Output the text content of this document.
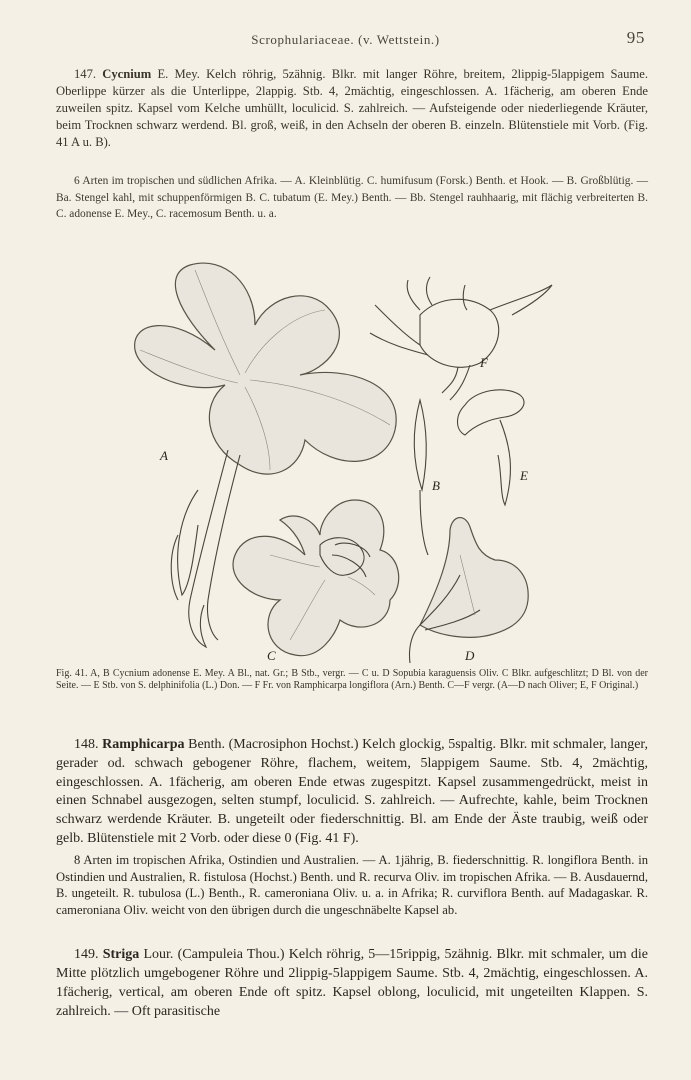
Scrophulariaceae. (v. Wettstein.)	95
147. Cycnium E. Mey. Kelch röhrig, 5zähnig. Blkr. mit langer Röhre, breitem, 2lippig-5lappigem Saume. Oberlippe kürzer als die Unterlippe, 2lappig. Stb. 4, 2mächtig, eingeschlossen. A. 1fächerig, am oberen Ende zuweilen spitz. Kapsel vom Kelche umhüllt, loculicid. S. zahlreich. — Aufsteigende oder niederliegende Kräuter, beim Trocknen schwarz werdend. Bl. groß, weiß, in den Achseln der oberen B. einzeln. Blütenstiele mit Vorb. (Fig. 41 A u. B).
6 Arten im tropischen und südlichen Afrika. — A. Kleinblütig. C. humifusum (Forsk.) Benth. et Hook. — B. Großblütig. — Ba. Stengel kahl, mit schuppenförmigen B. C. tubatum (E. Mey.) Benth. — Bb. Stengel rauhhaarig, mit flächig verbreiterten B. C. adonense E. Mey., C. racemosum Benth. u. a.
A
F
B
E
C	D
Fig. 41. A, B Cycnium adonense E. Mey. A Bl., nat. Gr.; B Stb., vergr. — C u. D Sopubia karaguensis Oliv. C Blkr. aufgeschlitzt; D Bl. von der Seite. — E Stb. von S. delphinifolia (L.) Don. — F Fr. von Ramphicarpa longiflora (Arn.) Benth. C—F vergr. (A—D nach Oliver; E, F Original.)
148. Ramphicarpa Benth. (Macrosiphon Hochst.) Kelch glockig, 5spaltig. Blkr. mit schmaler, langer, gerader od. schwach gebogener Röhre, flachem, weitem, 5lappigem Saume. Stb. 4, 2mächtig, eingeschlossen. A. 1fächerig, am oberen Ende etwas zugespitzt. Kapsel zusammengedrückt, meist in einen Schnabel ausgezogen, selten stumpf, loculicid. S. zahlreich. — Aufrechte, kahle, beim Trocknen schwarz werdende Kräuter. B. ungeteilt oder fiederschnittig. Bl. am Ende der Äste traubig, weiß oder gelb. Blütenstiele mit 2 Vorb. oder diese 0 (Fig. 41 F).
8 Arten im tropischen Afrika, Ostindien und Australien. — A. 1jährig, B. fiederschnittig. R. longiflora Benth. in Ostindien und Australien, R. fistulosa (Hochst.) Benth. und R. recurva Oliv. im tropischen Afrika. — B. Ausdauernd, B. ungeteilt. R. tubulosa (L.) Benth., R. cameroniana Oliv. u. a. in Afrika; R. curviflora Benth. auf Madagaskar. R. cameroniana Oliv. weicht von den übrigen durch die ungeschnäbelte Kapsel ab.
149. Striga Lour. (Campuleia Thou.) Kelch röhrig, 5—15rippig, 5zähnig. Blkr. mit schmaler, um die Mitte plötzlich umgebogener Röhre und 2lippig-5lappigem Saume. Stb. 4, 2mächtig, eingeschlossen. A. 1fächerig, vertical, am oberen Ende oft spitz. Kapsel oblong, loculicid, mit ungeteilten Klappen. S. zahlreich. — Oft parasitische
